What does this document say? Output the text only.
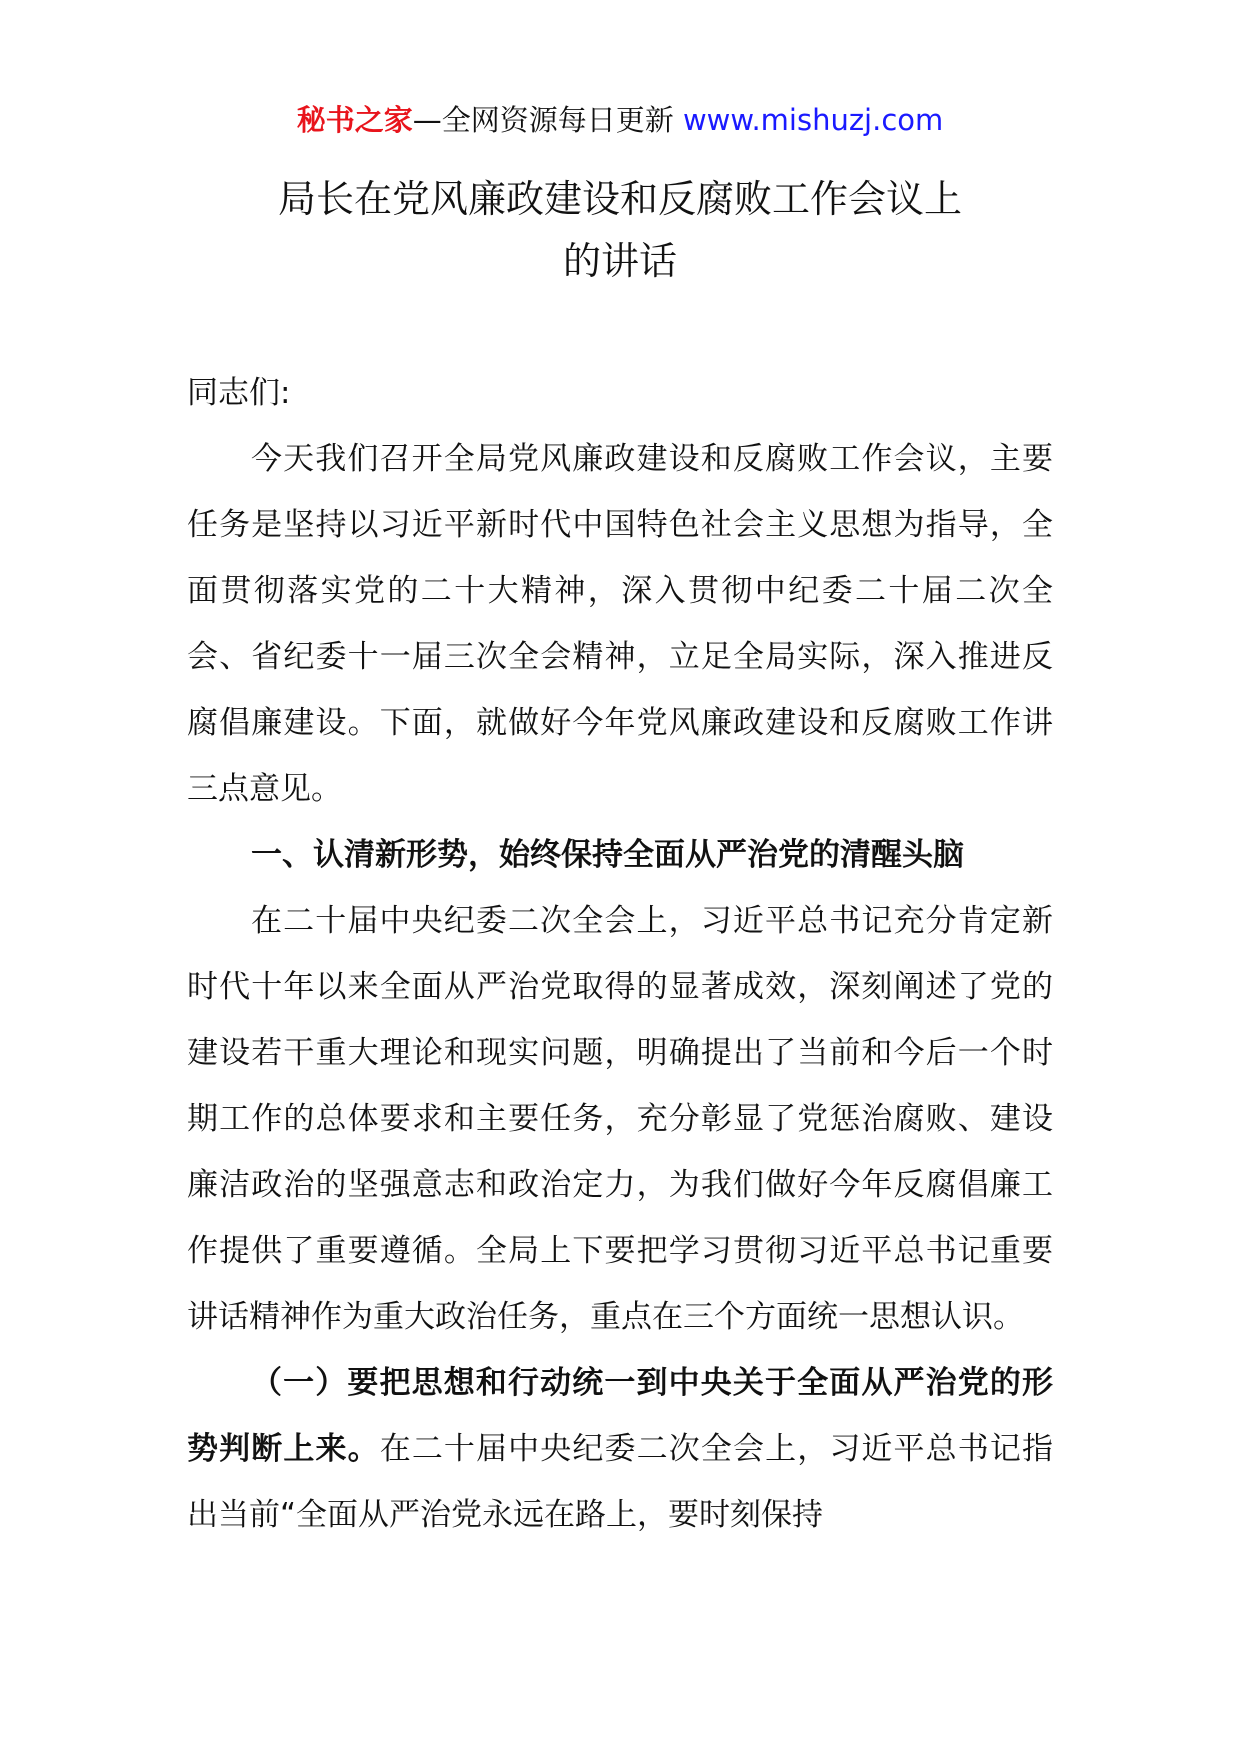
秘书之家—全网资源每日更新 www.mishuzj.com
局长在党风廉政建设和反腐败工作会议上
的讲话

同志们:

今天我们召开全局党风廉政建设和反腐败工作会议，主要任务是坚持以习近平新时代中国特色社会主义思想为指导，全面贯彻落实党的二十大精神，深入贯彻中纪委二十届二次全会、省纪委十一届三次全会精神，立足全局实际，深入推进反腐倡廉建设。下面，就做好今年党风廉政建设和反腐败工作讲三点意见。

一、认清新形势，始终保持全面从严治党的清醒头脑

在二十届中央纪委二次全会上，习近平总书记充分肯定新时代十年以来全面从严治党取得的显著成效，深刻阐述了党的建设若干重大理论和现实问题，明确提出了当前和今后一个时期工作的总体要求和主要任务，充分彰显了党惩治腐败、建设廉洁政治的坚强意志和政治定力，为我们做好今年反腐倡廉工作提供了重要遵循。全局上下要把学习贯彻习近平总书记重要讲话精神作为重大政治任务，重点在三个方面统一思想认识。

（一）要把思想和行动统一到中央关于全面从严治党的形势判断上来。在二十届中央纪委二次全会上，习近平总书记指出当前“全面从严治党永远在路上，要时刻保持
